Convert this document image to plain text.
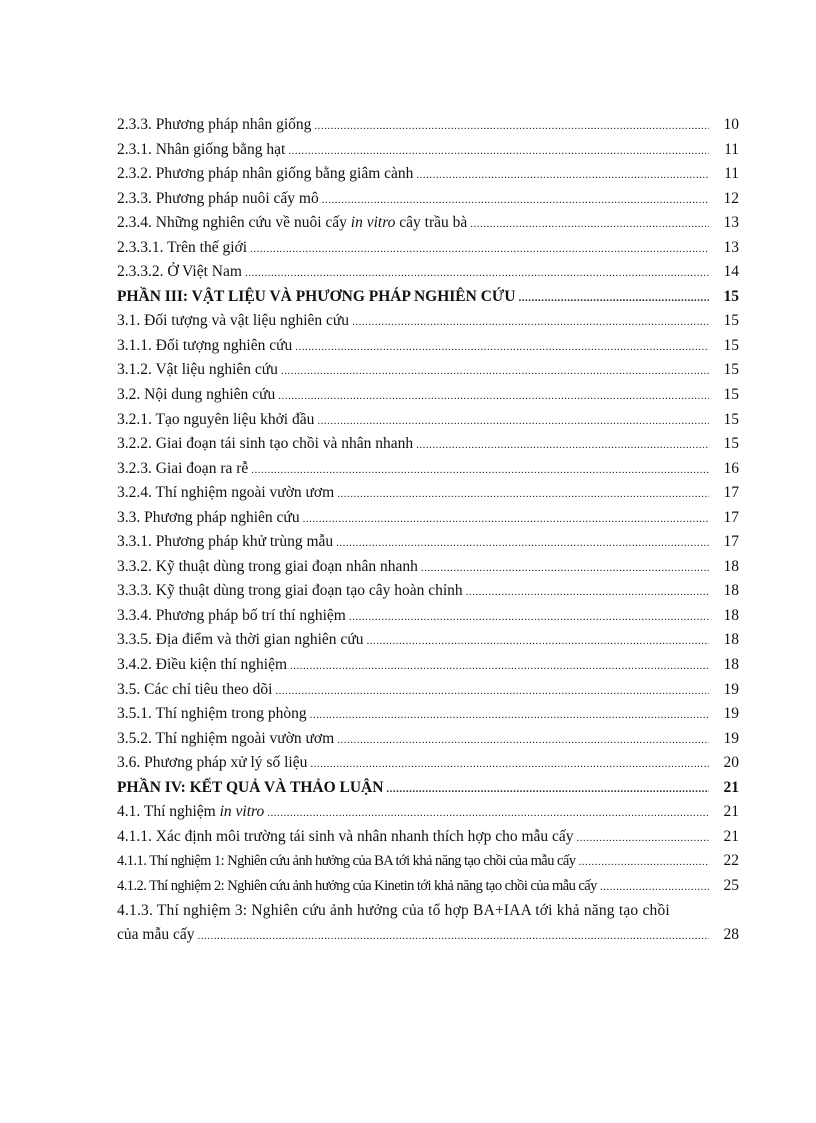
2.3.3. Phương pháp nhân giống .....	10
2.3.1. Nhân giống bằng hạt .....	11
2.3.2. Phương pháp nhân giống bằng giâm cành .....	11
2.3.3. Phương pháp nuôi cấy mô .....	12
2.3.4. Những nghiên cứu về nuôi cấy in vitro cây trầu bà .....	13
2.3.3.1. Trên thế giới .....	13
2.3.3.2. Ở Việt Nam .....	14
PHẦN III: VẬT LIỆU VÀ PHƯƠNG PHÁP NGHIÊN CỨU .....	15
3.1. Đối tượng và vật liệu nghiên cứu .....	15
3.1.1. Đối tượng nghiên cứu .....	15
3.1.2. Vật liệu nghiên cứu .....	15
3.2. Nội dung nghiên cứu .....	15
3.2.1. Tạo nguyên liệu khởi đầu .....	15
3.2.2. Giai đoạn tái sinh tạo chồi và nhân nhanh .....	15
3.2.3. Giai đoạn ra rễ .....	16
3.2.4. Thí nghiệm ngoài vườn ươm .....	17
3.3. Phương pháp nghiên cứu .....	17
3.3.1. Phương pháp khử trùng mẫu .....	17
3.3.2. Kỹ thuật dùng trong giai đoạn nhân nhanh .....	18
3.3.3. Kỹ thuật dùng trong giai đoạn tạo cây hoàn chỉnh .....	18
3.3.4. Phương pháp bố trí thí nghiệm .....	18
3.3.5. Địa điểm và thời gian nghiên cứu .....	18
3.4.2. Điều kiện thí nghiệm .....	18
3.5. Các chỉ tiêu theo dõi .....	19
3.5.1. Thí nghiệm trong phòng .....	19
3.5.2. Thí nghiệm ngoài vườn ươm .....	19
3.6. Phương pháp xử lý số liệu .....	20
PHẦN IV: KẾT QUẢ VÀ THẢO LUẬN .....	21
4.1. Thí nghiệm in vitro .....	21
4.1.1. Xác định môi trường tái sinh và nhân nhanh thích hợp cho mẫu cấy .....	21
4.1.1. Thí nghiệm 1: Nghiên cứu ảnh hưởng của BA tới khả năng tạo chồi của mẫu cấy .....	22
4.1.2. Thí nghiệm 2: Nghiên cứu ảnh hưởng của Kinetin tới khả năng tạo chồi của mẫu cấy .....	25
4.1.3. Thí nghiệm 3: Nghiên cứu ảnh hưởng của tổ hợp BA+IAA tới khả năng tạo chồi
của mẫu cấy .....	28
